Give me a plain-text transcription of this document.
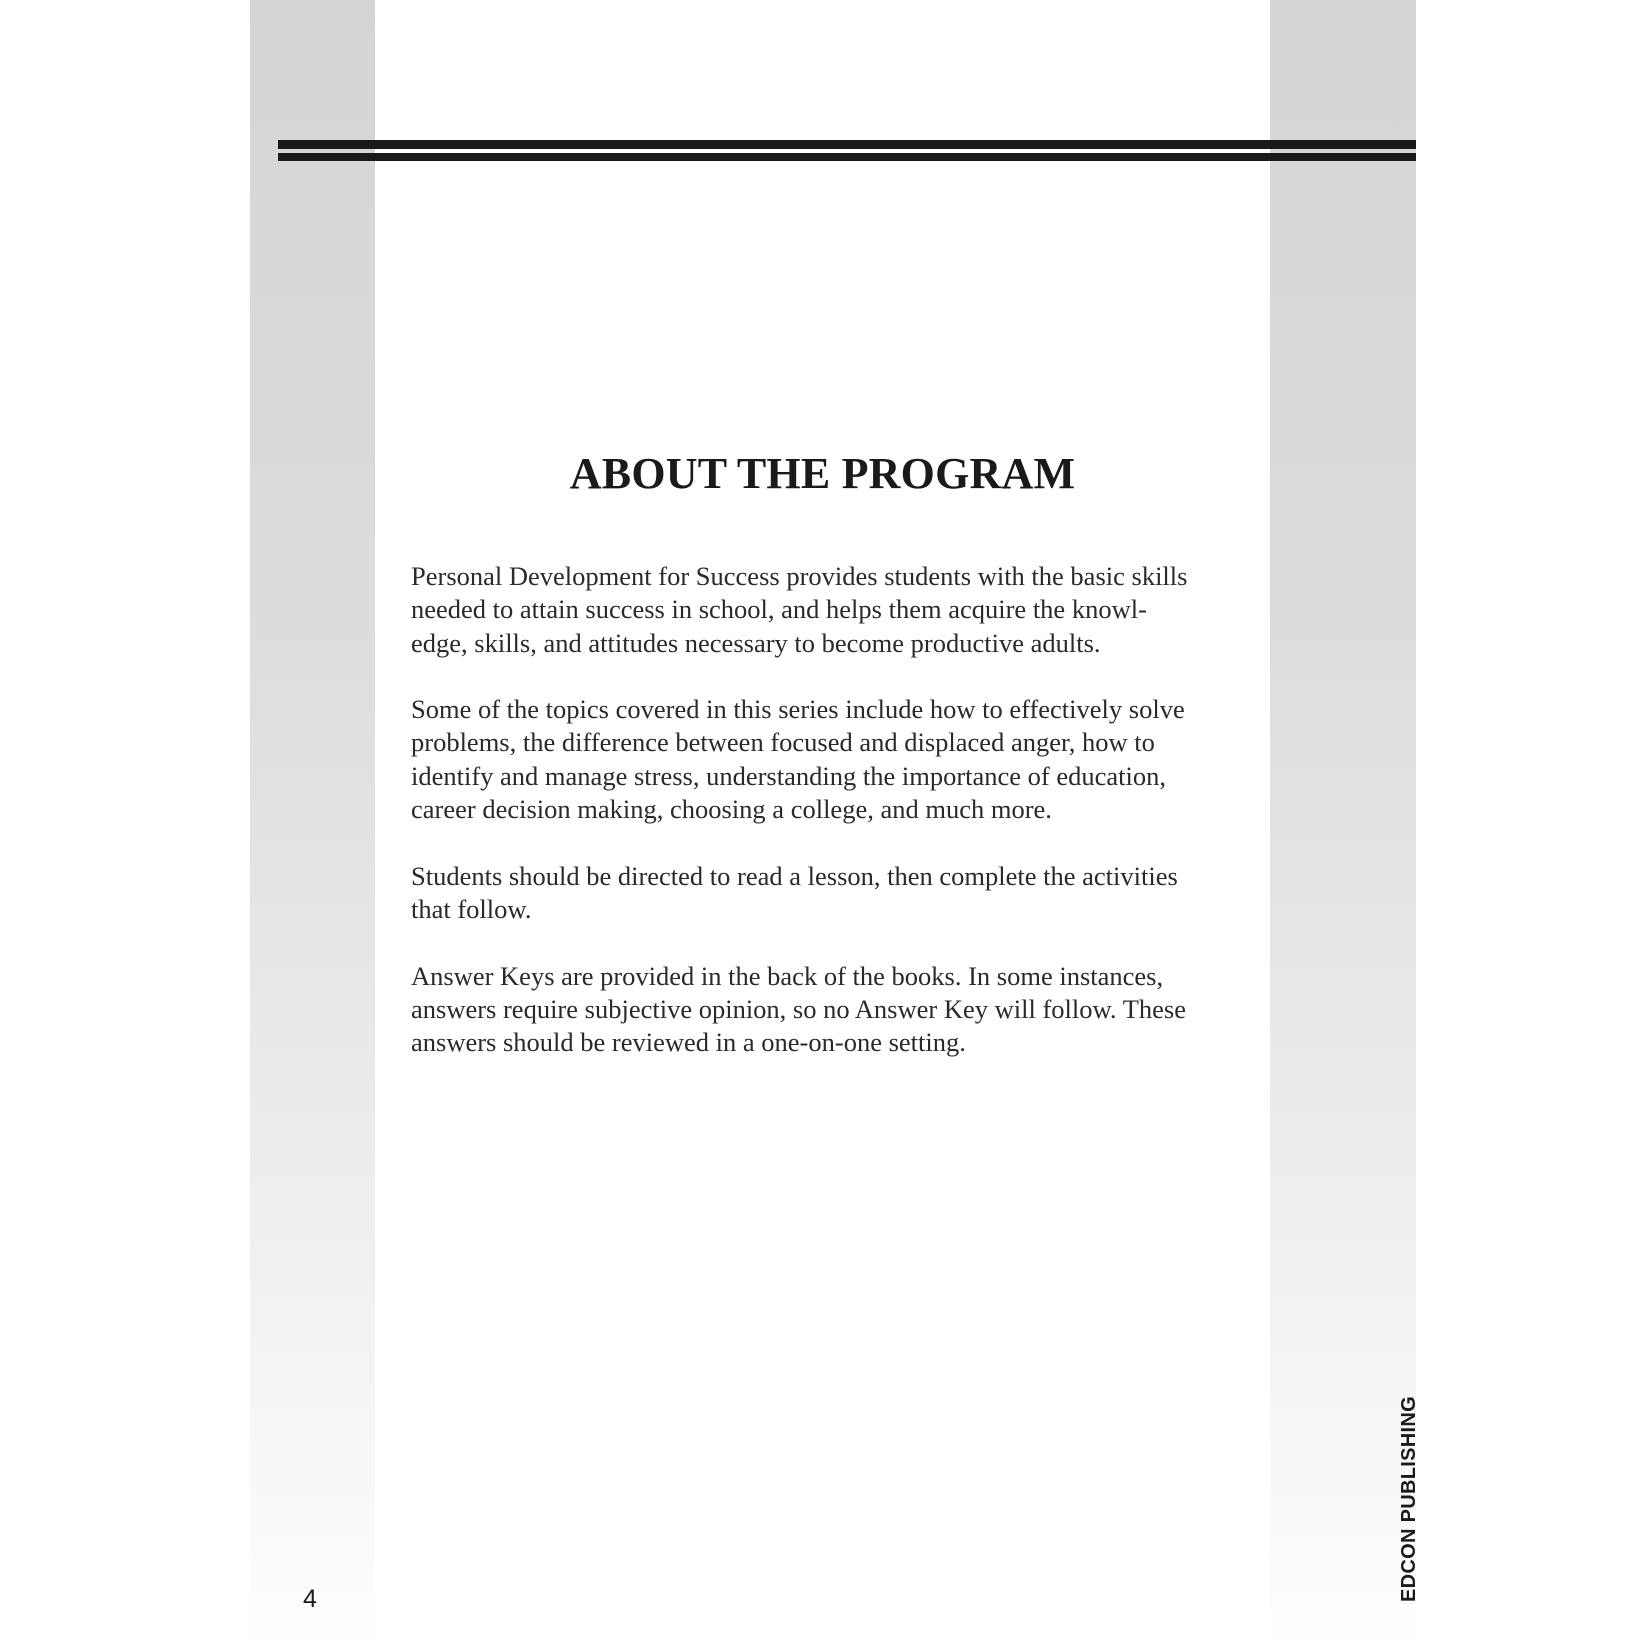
ABOUT THE PROGRAM

Personal Development for Success provides students with the basic skills
needed to attain success in school, and helps them acquire the knowl-
edge, skills, and attitudes necessary to become productive adults.

Some of the topics covered in this series include how to effectively solve
problems, the difference between focused and displaced anger, how to
identify and manage stress, understanding the importance of education,
career decision making, choosing a college, and much more.

Students should be directed to read a lesson, then complete the activities
that follow.

Answer Keys are provided in the back of the books. In some instances,
answers require subjective opinion, so no Answer Key will follow. These
answers should be reviewed in a one-on-one setting.

4	EDCON PUBLISHING
